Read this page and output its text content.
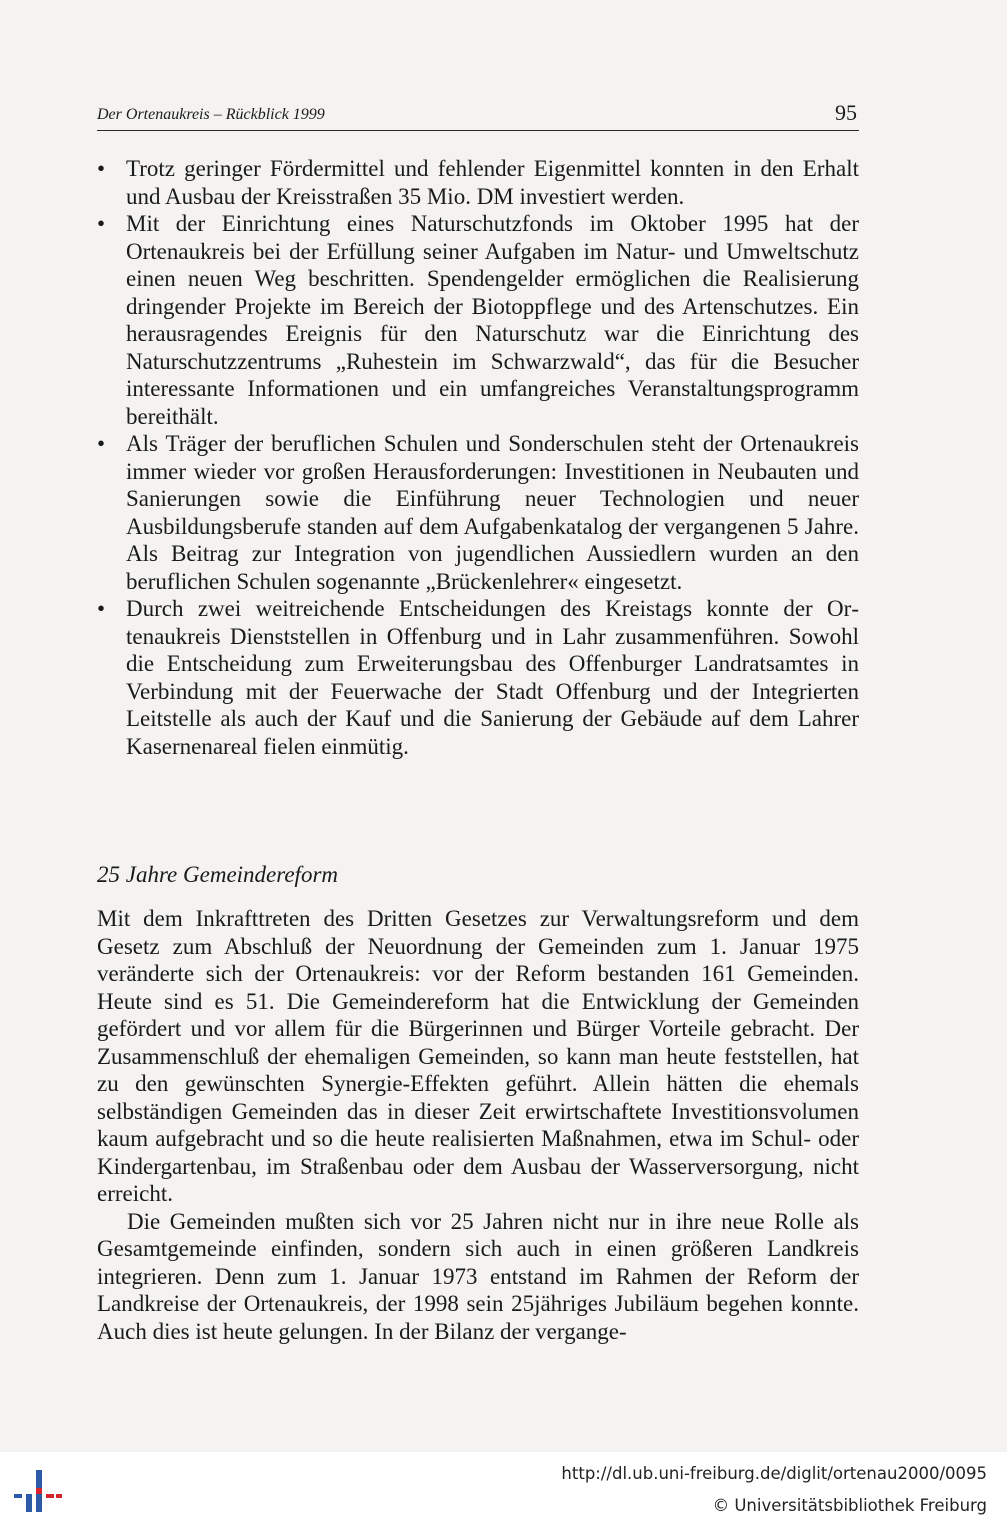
Der Ortenaukreis – Rückblick 1999	95
• Trotz geringer Fördermittel und fehlender Eigenmittel konnten in den Erhalt und Ausbau der Kreisstraßen 35 Mio. DM investiert werden.
• Mit der Einrichtung eines Naturschutzfonds im Oktober 1995 hat der Ortenaukreis bei der Erfüllung seiner Aufgaben im Natur- und Umweltschutz einen neuen Weg beschritten. Spendengelder ermöglichen die Realisierung dringender Projekte im Bereich der Biotoppflege und des Artenschutzes. Ein herausragendes Ereignis für den Naturschutz war die Einrichtung des Naturschutzzentrums „Ruhestein im Schwarzwald“, das für die Besucher interessante Informationen und ein umfangreiches Veranstaltungsprogramm bereithält.
• Als Träger der beruflichen Schulen und Sonderschulen steht der Ortenaukreis immer wieder vor großen Herausforderungen: Investitionen in Neubauten und Sanierungen sowie die Einführung neuer Technologien und neuer Ausbildungsberufe standen auf dem Aufgabenkatalog der vergangenen 5 Jahre. Als Beitrag zur Integration von jugendlichen Aussiedlern wurden an den beruflichen Schulen sogenannte „Brückenlehrer« eingesetzt.
• Durch zwei weitreichende Entscheidungen des Kreistags konnte der Ortenaukreis Dienststellen in Offenburg und in Lahr zusammenführen. Sowohl die Entscheidung zum Erweiterungsbau des Offenburger Landratsamtes in Verbindung mit der Feuerwache der Stadt Offenburg und der Integrierten Leitstelle als auch der Kauf und die Sanierung der Gebäude auf dem Lahrer Kasernenareal fielen einmütig.
25 Jahre Gemeindereform

Mit dem Inkrafttreten des Dritten Gesetzes zur Verwaltungsreform und dem Gesetz zum Abschluß der Neuordnung der Gemeinden zum 1. Januar 1975 veränderte sich der Ortenaukreis: vor der Reform bestanden 161 Gemeinden. Heute sind es 51. Die Gemeindereform hat die Entwicklung der Gemeinden gefördert und vor allem für die Bürgerinnen und Bürger Vorteile gebracht. Der Zusammenschluß der ehemaligen Gemeinden, so kann man heute feststellen, hat zu den gewünschten Synergie-Effekten geführt. Allein hätten die ehemals selbständigen Gemeinden das in dieser Zeit erwirtschaftete Investitionsvolumen kaum aufgebracht und so die heute realisierten Maßnahmen, etwa im Schul- oder Kindergartenbau, im Straßenbau oder dem Ausbau der Wasserversorgung, nicht erreicht.

Die Gemeinden mußten sich vor 25 Jahren nicht nur in ihre neue Rolle als Gesamtgemeinde einfinden, sondern sich auch in einen größeren Landkreis integrieren. Denn zum 1. Januar 1973 entstand im Rahmen der Reform der Landkreise der Ortenaukreis, der 1998 sein 25jähriges Jubiläum begehen konnte. Auch dies ist heute gelungen. In der Bilanz der vergange-

http://dl.ub.uni-freiburg.de/diglit/ortenau2000/0095
© Universitätsbibliothek Freiburg
